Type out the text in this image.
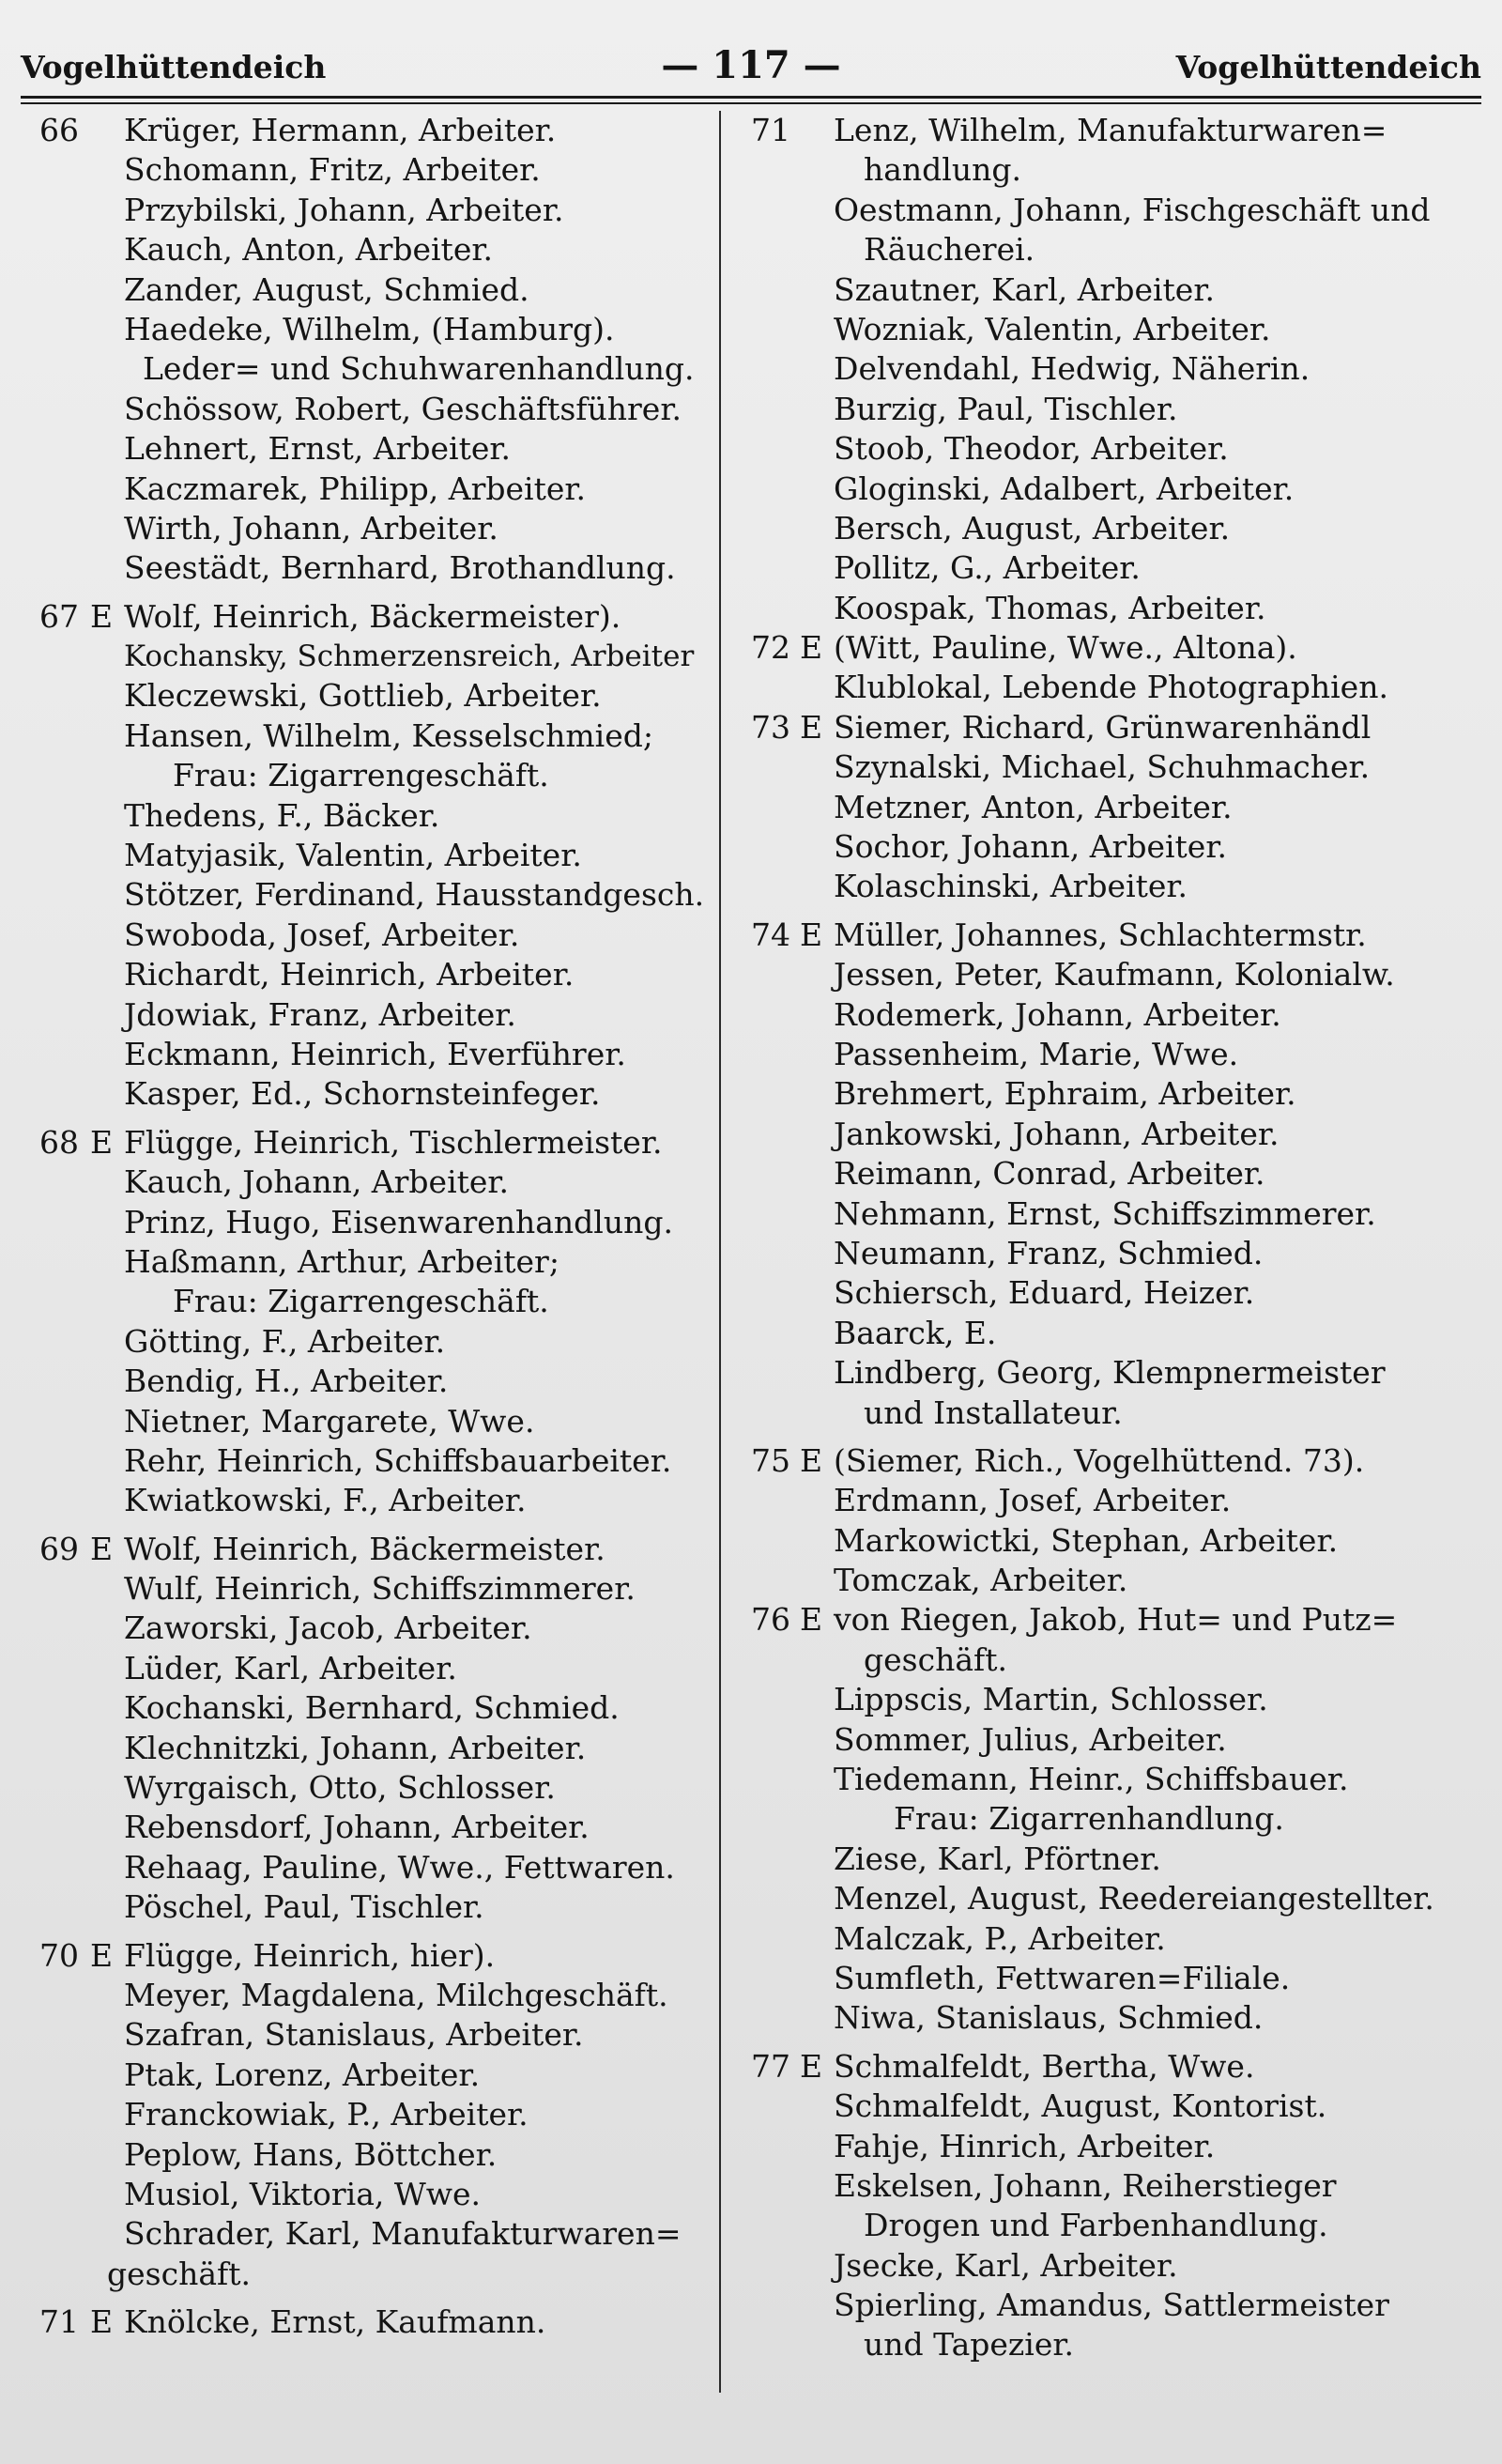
Vogelhüttendeich	— 117 —	Vogelhüttendeich
66 Krüger, Hermann, Arbeiter.
Schomann, Fritz, Arbeiter.
Przybilski, Johann, Arbeiter.
Kauch, Anton, Arbeiter.
Zander, August, Schmied.
Haedeke, Wilhelm, (Hamburg).
Leder= und Schuhwarenhandlung.
Schössow, Robert, Geschäftsführer.
Lehnert, Ernst, Arbeiter.
Kaczmarek, Philipp, Arbeiter.
Wirth, Johann, Arbeiter.
Seestädt, Bernhard, Brothandlung.
67 E Wolf, Heinrich, Bäckermeister).
Kochansky, Schmerzensreich, Arbeiter
Kleczewski, Gottlieb, Arbeiter.
Hansen, Wilhelm, Kesselschmied;
Frau: Zigarrengeschäft.
Thedens, F., Bäcker.
Matyjasik, Valentin, Arbeiter.
Stötzer, Ferdinand, Hausstandgesch.
Swoboda, Josef, Arbeiter.
Richardt, Heinrich, Arbeiter.
Jdowiak, Franz, Arbeiter.
Eckmann, Heinrich, Everführer.
Kasper, Ed., Schornsteinfeger.
68 E Flügge, Heinrich, Tischlermeister.
Kauch, Johann, Arbeiter.
Prinz, Hugo, Eisenwarenhandlung.
Haßmann, Arthur, Arbeiter;
Frau: Zigarrengeschäft.
Götting, F., Arbeiter.
Bendig, H., Arbeiter.
Nietner, Margarete, Wwe.
Rehr, Heinrich, Schiffsbauarbeiter.
Kwiatkowski, F., Arbeiter.
69 E Wolf, Heinrich, Bäckermeister.
Wulf, Heinrich, Schiffszimmerer.
Zaworski, Jacob, Arbeiter.
Lüder, Karl, Arbeiter.
Kochanski, Bernhard, Schmied.
Klechnitzki, Johann, Arbeiter.
Wyrgaisch, Otto, Schlosser.
Rebensdorf, Johann, Arbeiter.
Rehaag, Pauline, Wwe., Fettwaren.
Pöschel, Paul, Tischler.
70 E Flügge, Heinrich, hier).
Meyer, Magdalena, Milchgeschäft.
Szafran, Stanislaus, Arbeiter.
Ptak, Lorenz, Arbeiter.
Franckowiak, P., Arbeiter.
Peplow, Hans, Böttcher.
Musiol, Viktoria, Wwe.
Schrader, Karl, Manufakturwaren=
geschäft.
71 E Knölcke, Ernst, Kaufmann.
71 Lenz, Wilhelm, Manufakturwaren=
handlung.
Oestmann, Johann, Fischgeschäft und
Räucherei.
Szautner, Karl, Arbeiter.
Wozniak, Valentin, Arbeiter.
Delvendahl, Hedwig, Näherin.
Burzig, Paul, Tischler.
Stoob, Theodor, Arbeiter.
Gloginski, Adalbert, Arbeiter.
Bersch, August, Arbeiter.
Pollitz, G., Arbeiter.
Koospak, Thomas, Arbeiter.
72 E (Witt, Pauline, Wwe., Altona).
Klublokal, Lebende Photographien.
73 E Siemer, Richard, Grünwarenhändl
Szynalski, Michael, Schuhmacher.
Metzner, Anton, Arbeiter.
Sochor, Johann, Arbeiter.
Kolaschinski, Arbeiter.
74 E Müller, Johannes, Schlachtermstr.
Jessen, Peter, Kaufmann, Kolonialw.
Rodemerk, Johann, Arbeiter.
Passenheim, Marie, Wwe.
Brehmert, Ephraim, Arbeiter.
Jankowski, Johann, Arbeiter.
Reimann, Conrad, Arbeiter.
Nehmann, Ernst, Schiffszimmerer.
Neumann, Franz, Schmied.
Schiersch, Eduard, Heizer.
Baarck, E.
Lindberg, Georg, Klempnermeister
und Installateur.
75 E (Siemer, Rich., Vogelhüttend. 73).
Erdmann, Josef, Arbeiter.
Markowictki, Stephan, Arbeiter.
Tomczak, Arbeiter.
76 E von Riegen, Jakob, Hut= und Putz=
geschäft.
Lippscis, Martin, Schlosser.
Sommer, Julius, Arbeiter.
Tiedemann, Heinr., Schiffsbauer.
Frau: Zigarrenhandlung.
Ziese, Karl, Pförtner.
Menzel, August, Reedereiangestellter.
Malczak, P., Arbeiter.
Sumfleth, Fettwaren=Filiale.
Niwa, Stanislaus, Schmied.
77 E Schmalfeldt, Bertha, Wwe.
Schmalfeldt, August, Kontorist.
Fahje, Hinrich, Arbeiter.
Eskelsen, Johann, Reiherstieger
Drogen und Farbenhandlung.
Jsecke, Karl, Arbeiter.
Spierling, Amandus, Sattlermeister
und Tapezier.
